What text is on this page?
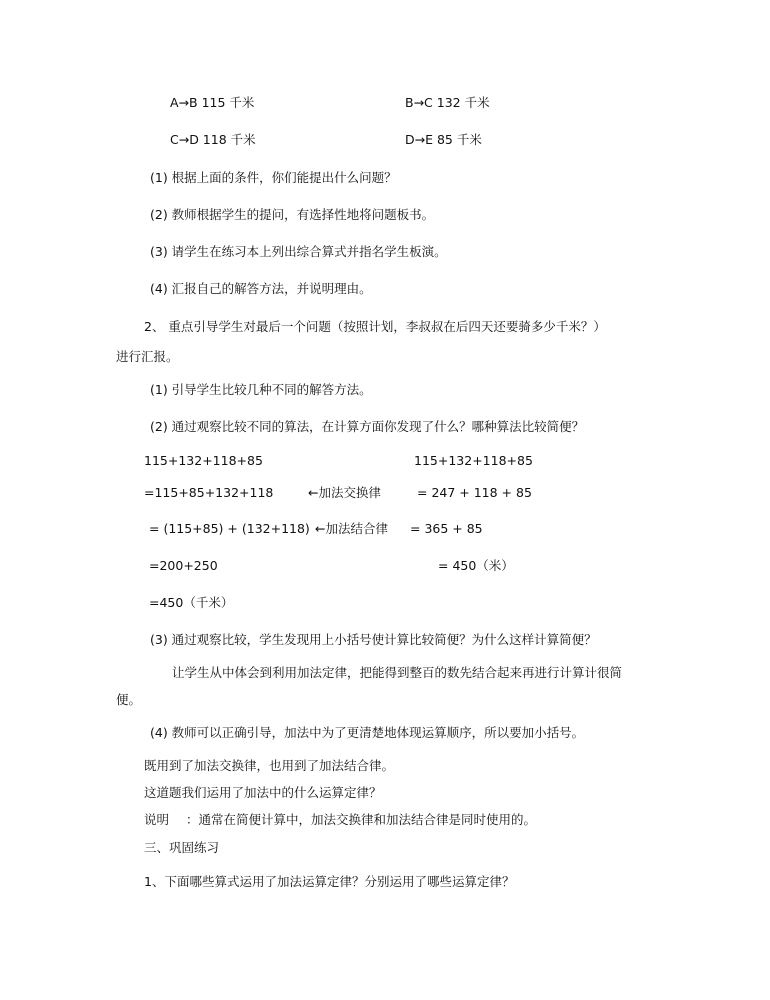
A→B 115 千米	B→C 132 千米
C→D 118 千米	D→E 85 千米
(1) 根据上面的条件，你们能提出什么问题？
(2) 教师根据学生的提问，有选择性地将问题板书。
(3) 请学生在练习本上列出综合算式并指名学生板演。
(4) 汇报自己的解答方法，并说明理由。
2、 重点引导学生对最后一个问题（按照计划，李叔叔在后四天还要骑多少千米？）
进行汇报。
(1) 引导学生比较几种不同的解答方法。
(2) 通过观察比较不同的算法，在计算方面你发现了什么？哪种算法比较简便？
115+132+118+85	115+132+118+85
=115+85+132+118	←加法交换律	= 247 + 118 + 85
= (115+85) + (132+118) ←加法结合律 = 365 + 85
=200+250	= 450（米）
=450（千米）
(3) 通过观察比较，学生发现用上小括号使计算比较简便？为什么这样计算简便？
让学生从中体会到利用加法定律，把能得到整百的数先结合起来再进行计算计很简
便。
(4) 教师可以正确引导，加法中为了更清楚地体现运算顺序，所以要加小括号。
既用到了加法交换律，也用到了加法结合律。
这道题我们运用了加法中的什么运算定律？
说明 ：通常在简便计算中，加法交换律和加法结合律是同时使用的。
三、巩固练习
1、下面哪些算式运用了加法运算定律？分别运用了哪些运算定律？
